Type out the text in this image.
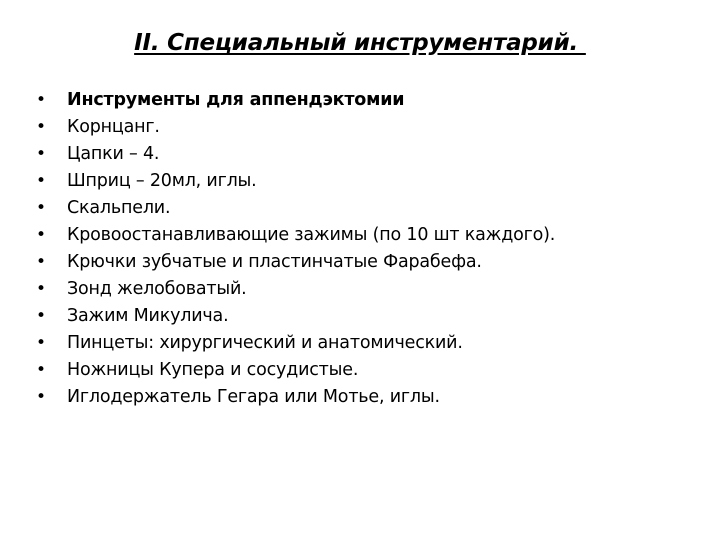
II. Специальный инструментарий.
•	Инструменты для аппендэктомии
•	Корнцанг.
•	Цапки – 4.
•	Шприц – 20мл, иглы.
•	Скальпели.
•	Кровоостанавливающие зажимы (по 10 шт каждого).
•	Крючки зубчатые и пластинчатые Фарабефа.
•	Зонд желобоватый.
•	Зажим Микулича.
•	Пинцеты: хирургический и анатомический.
•	Ножницы Купера и сосудистые.
•	Иглодержатель Гегара или Мотье, иглы.
